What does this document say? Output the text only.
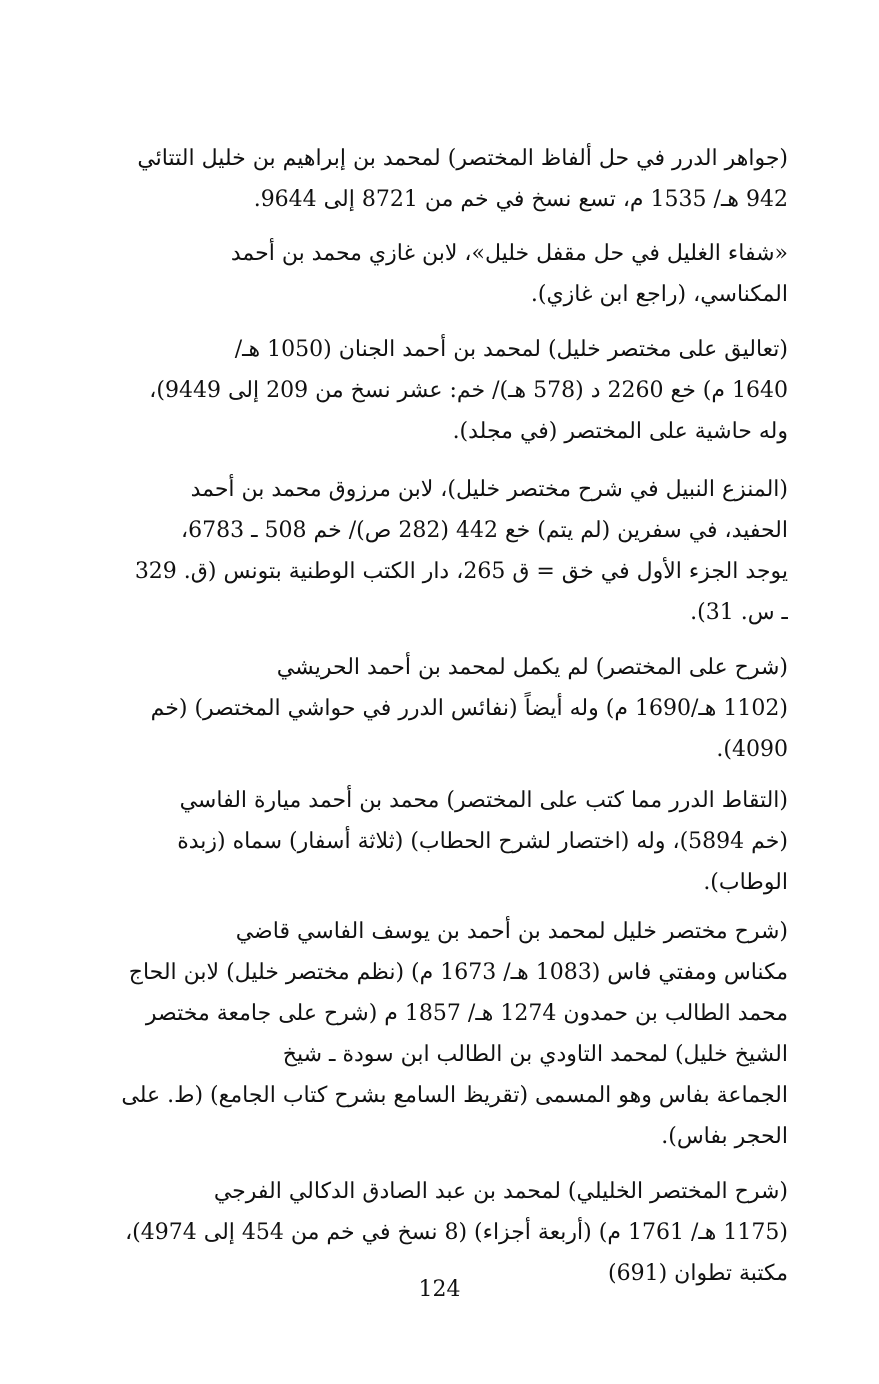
(جواهر الدرر في حل ألفاظ المختصر) لمحمد بن إبراهيم بن خليل التتائي
942 هـ/ 1535 م، تسع نسخ في خم من 8721 إلى 9644.

«شفاء الغليل في حل مقفل خليل»، لابن غازي محمد بن أحمد
المكناسي، (راجع ابن غازي).

(تعاليق على مختصر خليل) لمحمد بن أحمد الجنان (1050 هـ/
1640 م) خع 2260 د (578 هـ)/ خم: عشر نسخ من 209 إلى 9449)،
وله حاشية على المختصر (في مجلد).

(المنزع النبيل في شرح مختصر خليل)، لابن مرزوق محمد بن أحمد
الحفيد، في سفرين (لم يتم) خع 442 (282 ص)/ خم 508 ـ 6783،
يوجد الجزء الأول في خق = ق 265، دار الكتب الوطنية بتونس (ق. 329
ـ س. 31).

(شرح على المختصر) لم يكمل لمحمد بن أحمد الحريشي
(1102 هـ/1690 م) وله أيضاً (نفائس الدرر في حواشي المختصر) (خم
4090).

(التقاط الدرر مما كتب على المختصر) محمد بن أحمد ميارة الفاسي
(خم 5894)، وله (اختصار لشرح الحطاب) (ثلاثة أسفار) سماه (زبدة
الوطاب).

(شرح مختصر خليل لمحمد بن أحمد بن يوسف الفاسي قاضي
مكناس ومفتي فاس (1083 هـ/ 1673 م) (نظم مختصر خليل) لابن الحاج
محمد الطالب بن حمدون 1274 هـ/ 1857 م (شرح على جامعة مختصر
الشيخ خليل) لمحمد التاودي بن الطالب ابن سودة ـ شيخ
الجماعة بفاس وهو المسمى (تقريظ السامع بشرح كتاب الجامع) (ط. على
الحجر بفاس).

(شرح المختصر الخليلي) لمحمد بن عبد الصادق الدكالي الفرجي
(1175 هـ/ 1761 م) (أربعة أجزاء) (8 نسخ في خم من 454 إلى 4974)،
مكتبة تطوان (691)

124
